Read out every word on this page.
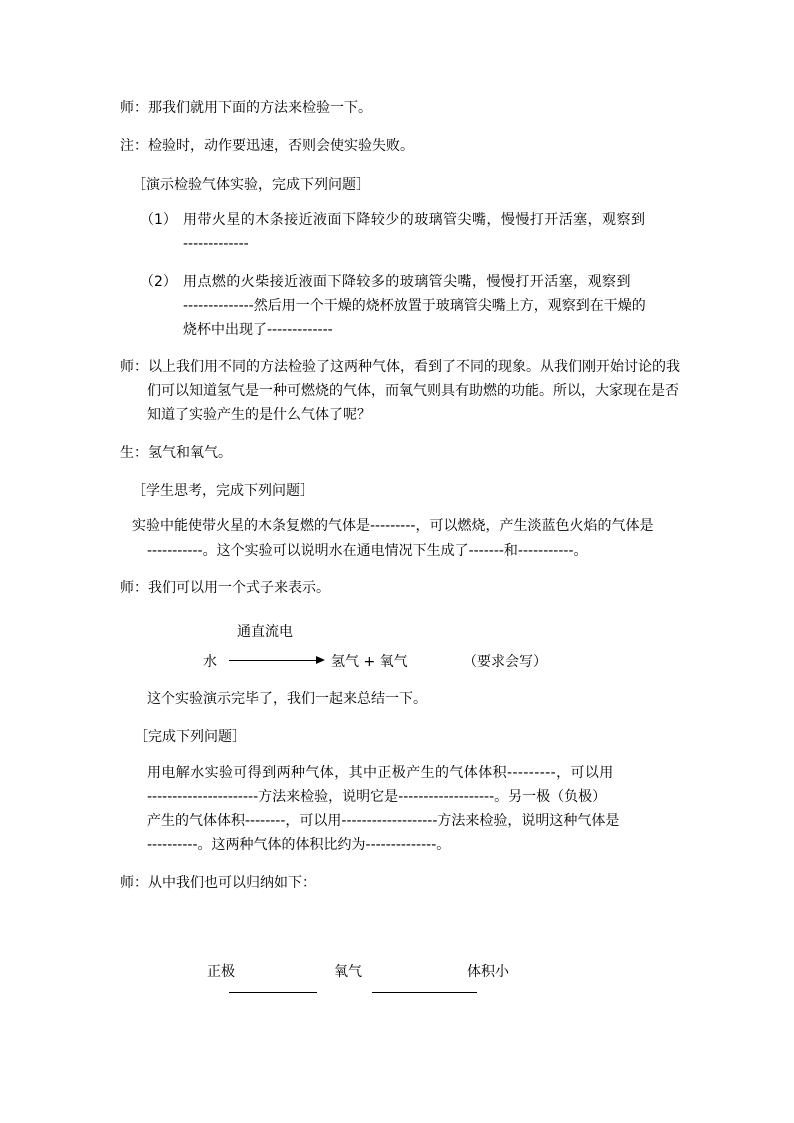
师：那我们就用下面的方法来检验一下。
注：检验时，动作要迅速，否则会使实验失败。
［演示检验气体实验，完成下列问题］
（1） 用带火星的木条接近液面下降较少的玻璃管尖嘴，慢慢打开活塞，观察到
-------------
（2） 用点燃的火柴接近液面下降较多的玻璃管尖嘴，慢慢打开活塞，观察到
--------------然后用一个干燥的烧杯放置于玻璃管尖嘴上方，观察到在干燥的
烧杯中出现了-------------
师：以上我们用不同的方法检验了这两种气体，看到了不同的现象。从我们刚开始讨论的我
们可以知道氢气是一种可燃烧的气体，而氧气则具有助燃的功能。所以，大家现在是否
知道了实验产生的是什么气体了呢？
生：氢气和氧气。
［学生思考，完成下列问题］
实验中能使带火星的木条复燃的气体是---------，可以燃烧，产生淡蓝色火焰的气体是
-----------。这个实验可以说明水在通电情况下生成了-------和-----------。
师：我们可以用一个式子来表示。
通直流电
水	氢气 + 氧气	（要求会写）
这个实验演示完毕了，我们一起来总结一下。
［完成下列问题］
用电解水实验可得到两种气体，其中正极产生的气体体积---------，可以用
----------------------方法来检验，说明它是-------------------。另一极（负极）
产生的气体体积--------，可以用-------------------方法来检验，说明这种气体是
----------。这两种气体的体积比约为--------------。
师：从中我们也可以归纳如下：
正极	氧气	体积小
